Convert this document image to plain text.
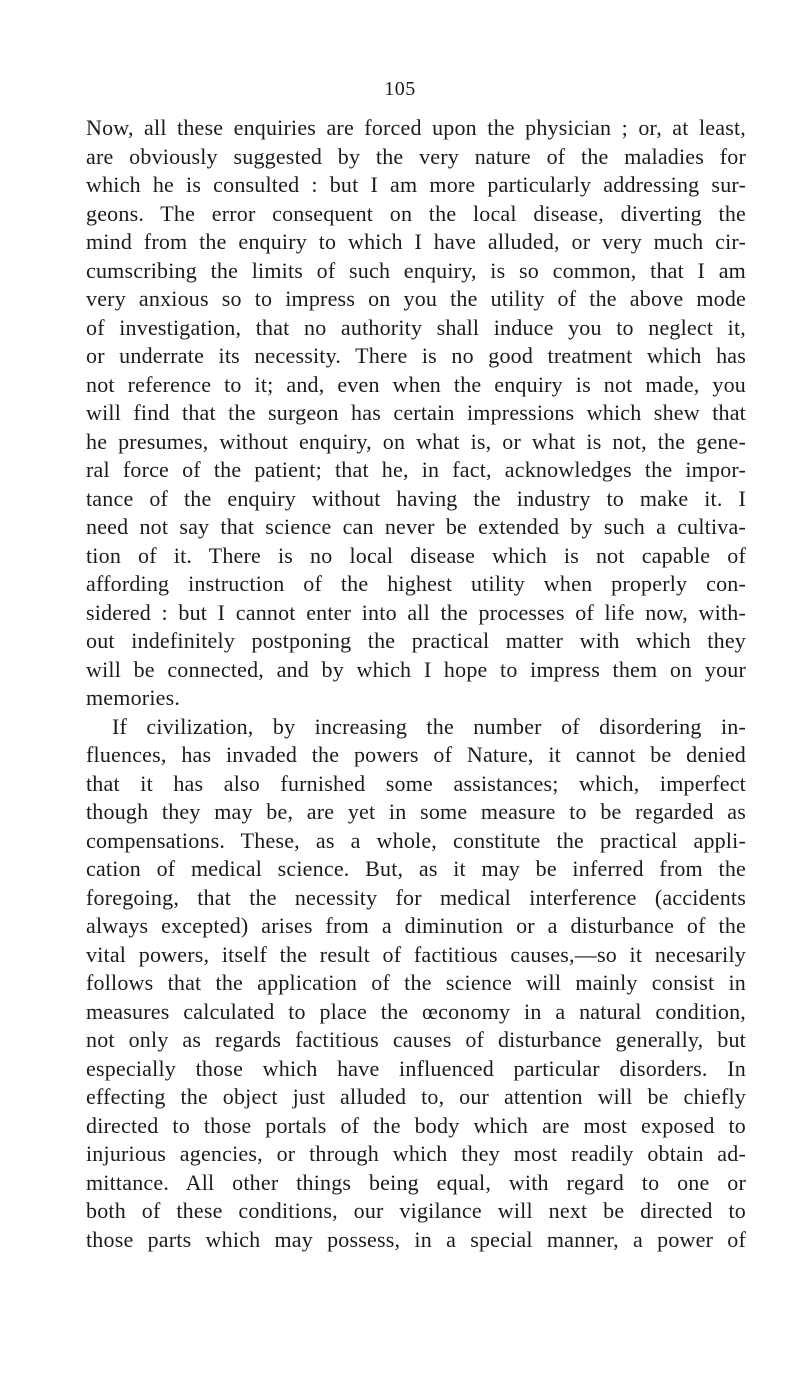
105
Now, all these enquiries are forced upon the physician ; or, at least,
are obviously suggested by the very nature of the maladies for
which he is consulted : but I am more particularly addressing sur-
geons. The error consequent on the local disease, diverting the
mind from the enquiry to which I have alluded, or very much cir-
cumscribing the limits of such enquiry, is so common, that I am
very anxious so to impress on you the utility of the above mode
of investigation, that no authority shall induce you to neglect it,
or underrate its necessity. There is no good treatment which has
not reference to it; and, even when the enquiry is not made, you
will find that the surgeon has certain impressions which shew that
he presumes, without enquiry, on what is, or what is not, the gene-
ral force of the patient; that he, in fact, acknowledges the impor-
tance of the enquiry without having the industry to make it. I
need not say that science can never be extended by such a cultiva-
tion of it. There is no local disease which is not capable of
affording instruction of the highest utility when properly con-
sidered : but I cannot enter into all the processes of life now, with-
out indefinitely postponing the practical matter with which they
will be connected, and by which I hope to impress them on your
memories.
If civilization, by increasing the number of disordering in-
fluences, has invaded the powers of Nature, it cannot be denied
that it has also furnished some assistances; which, imperfect
though they may be, are yet in some measure to be regarded as
compensations. These, as a whole, constitute the practical appli-
cation of medical science. But, as it may be inferred from the
foregoing, that the necessity for medical interference (accidents
always excepted) arises from a diminution or a disturbance of the
vital powers, itself the result of factitious causes,—so it necesarily
follows that the application of the science will mainly consist in
measures calculated to place the œconomy in a natural condition,
not only as regards factitious causes of disturbance generally, but
especially those which have influenced particular disorders. In
effecting the object just alluded to, our attention will be chiefly
directed to those portals of the body which are most exposed to
injurious agencies, or through which they most readily obtain ad-
mittance. All other things being equal, with regard to one or
both of these conditions, our vigilance will next be directed to
those parts which may possess, in a special manner, a power of
